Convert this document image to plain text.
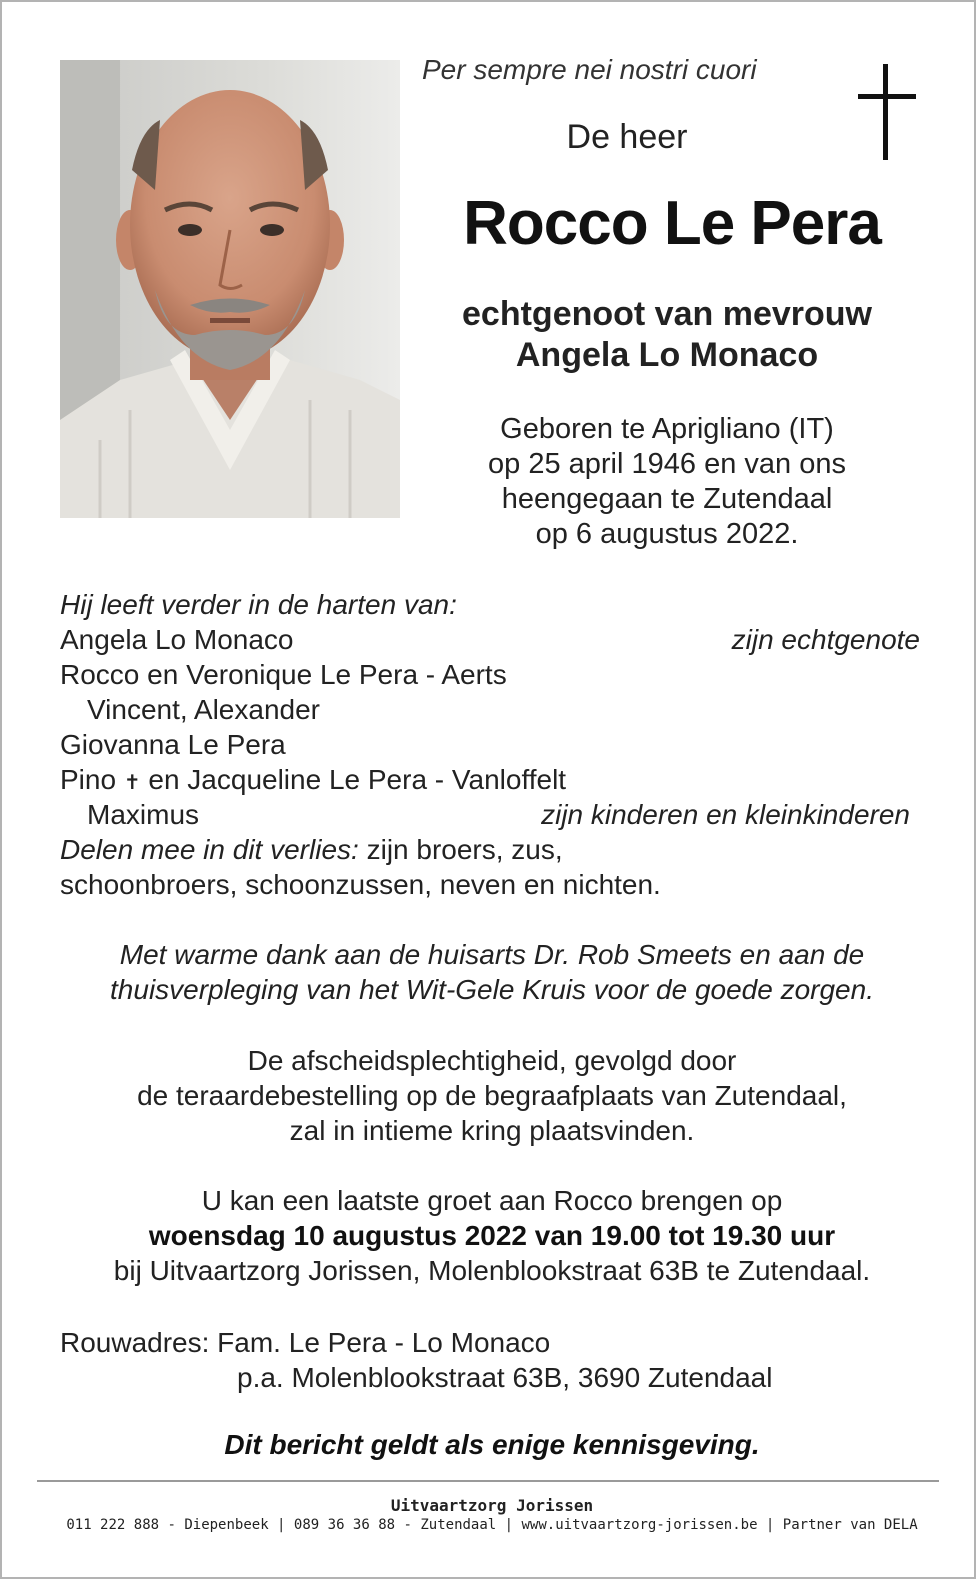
Per sempre nei nostri cuori
De heer
Rocco Le Pera
echtgenoot van mevrouw
Angela Lo Monaco
Geboren te Aprigliano (IT)
op 25 april 1946 en van ons
heengegaan te Zutendaal
op 6 augustus 2022.
Hij leeft verder in de harten van:
Angela Lo Monaco	zijn echtgenote
Rocco en Veronique Le Pera - Aerts
Vincent, Alexander
Giovanna Le Pera
Pino ✝ en Jacqueline Le Pera - Vanloffelt
Maximus	zijn kinderen en kleinkinderen
Delen mee in dit verlies: zijn broers, zus,
schoonbroers, schoonzussen, neven en nichten.
Met warme dank aan de huisarts Dr. Rob Smeets en aan de
thuisverpleging van het Wit-Gele Kruis voor de goede zorgen.
De afscheidsplechtigheid, gevolgd door
de teraardebestelling op de begraafplaats van Zutendaal,
zal in intieme kring plaatsvinden.
U kan een laatste groet aan Rocco brengen op
woensdag 10 augustus 2022 van 19.00 tot 19.30 uur
bij Uitvaartzorg Jorissen, Molenblookstraat 63B te Zutendaal.
Rouwadres: Fam. Le Pera - Lo Monaco
p.a. Molenblookstraat 63B, 3690 Zutendaal
Dit bericht geldt als enige kennisgeving.
Uitvaartzorg Jorissen
011 222 888 - Diepenbeek | 089 36 36 88 - Zutendaal | www.uitvaartzorg-jorissen.be | Partner van DELA
